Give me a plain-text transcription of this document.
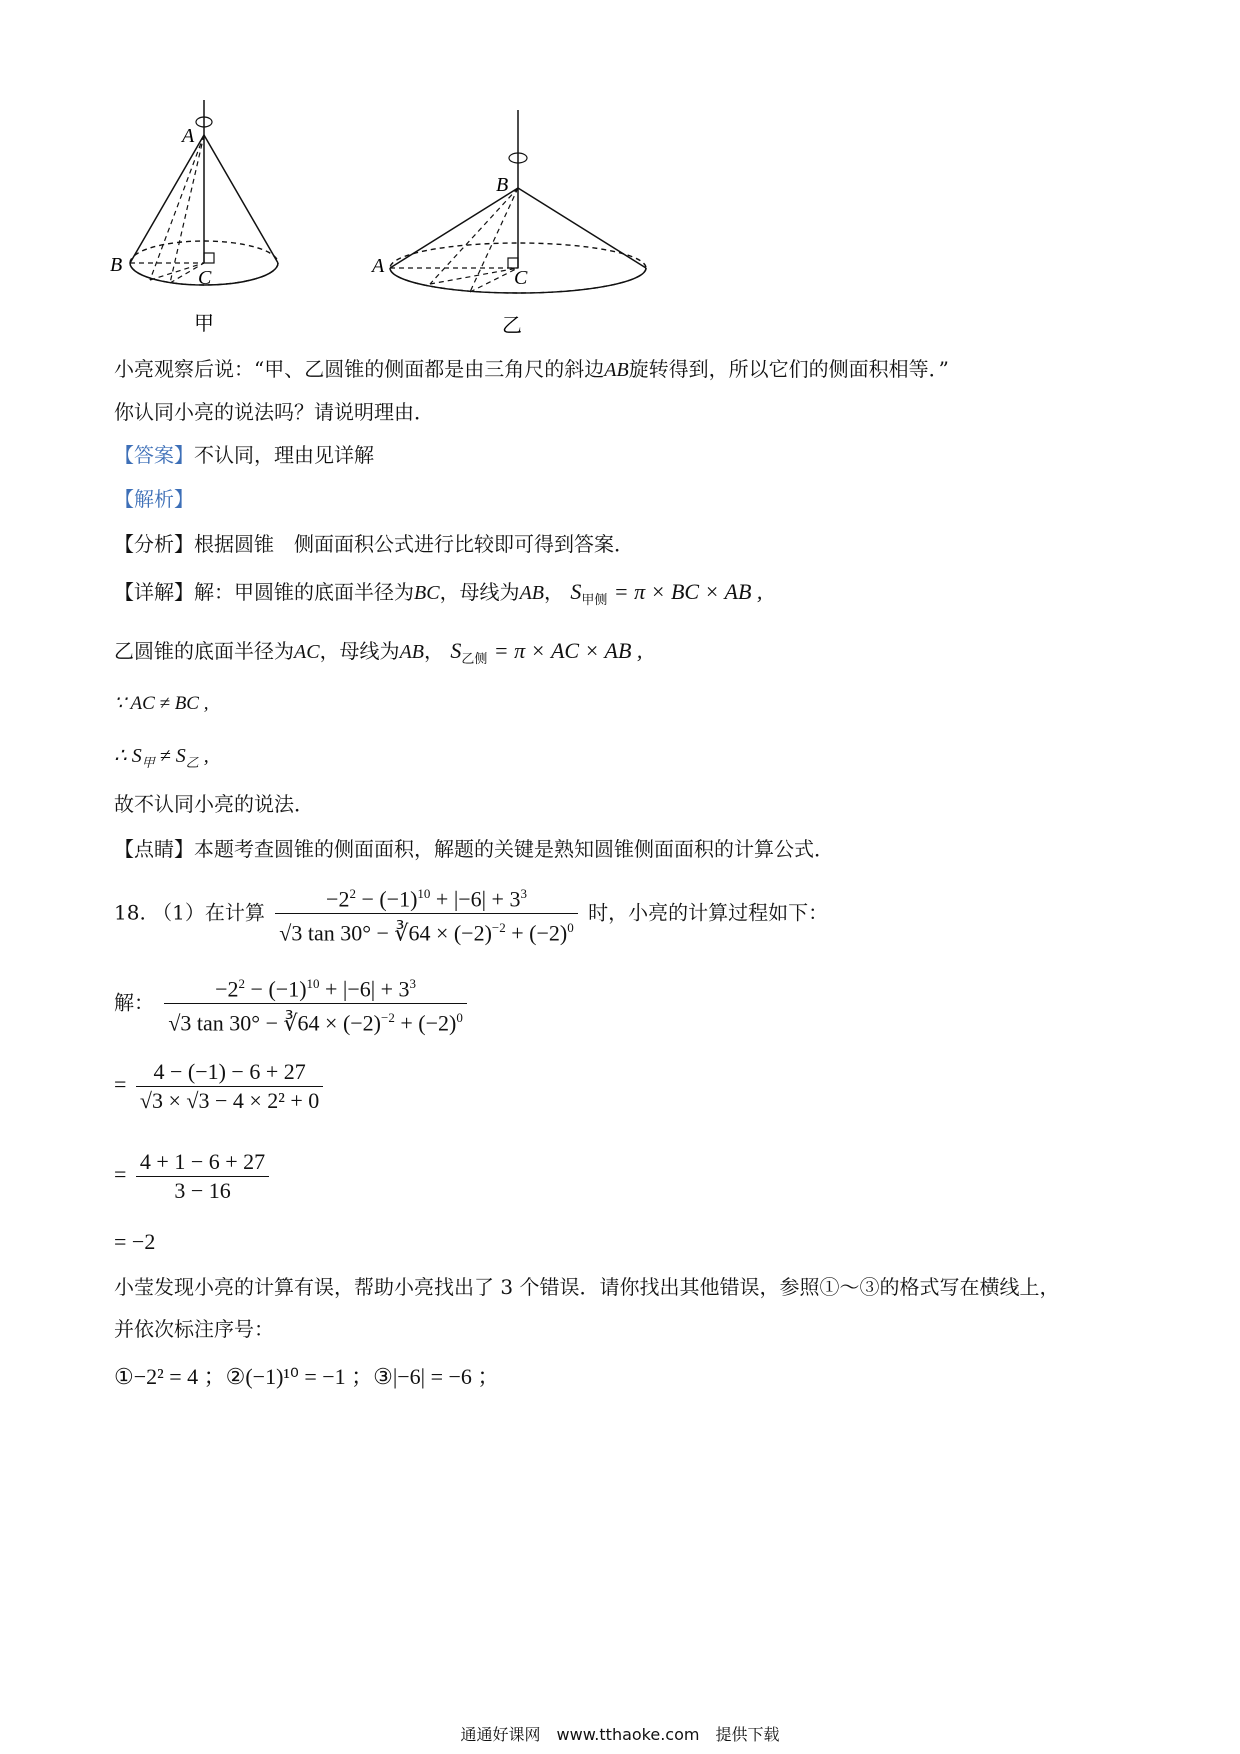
A
B
C
甲
B
A
C
乙
小亮观察后说：“甲、乙圆锥的侧面都是由三角尺的斜边AB旋转得到，所以它们的侧面积相等．”
你认同小亮的说法吗？请说明理由．
【答案】不认同，理由见详解
【解析】
【分析】根据圆锥　侧面面积公式进行比较即可得到答案．
【详解】解：甲圆锥的底面半径为BC，母线为AB， $S_{甲侧} = \pi$ × BC × AB ,
乙圆锥的底面半径为AC，母线为AB， $S_{乙侧} = \pi$ × AC × AB ,
∵ AC ≠ BC ,
∴ $S_甲 \ne S_乙$ ,
故不认同小亮的说法．
【点睛】本题考查圆锥的侧面面积，解题的关键是熟知圆锥侧面面积的计算公式．
18. （1）在计算 $\frac{-2^2 - (-1)^{10} + |-6| + 3^3}{√3 \tan 30^\circ - ∛64 \times (-2)^{-2} + (-2)^0}$ 时，小亮的计算过程如下：
解： $\frac{-2^2 - (-1)^{10} + |-6| + 3^3}{√3 \tan 30^\circ - ∛64 \times (-2)^{-2} + (-2)^0}$
= $\frac{4 - (-1) - 6 + 27}{\text{√3 × √3 − 4 × 2² + 0}}$
= $\frac{4 + 1 - 6 + 27}{3 - 16}$
= −2
小莹发现小亮的计算有误，帮助小亮找出了 3 个错误．请你找出其他错误，参照①～③的格式写在横线上，
并依次标注序号：
①−2² = 4 ；②(−1)¹⁰ = −1 ；③|−6| = −6 ；
通通好课网　www.tthaoke.com　提供下载
